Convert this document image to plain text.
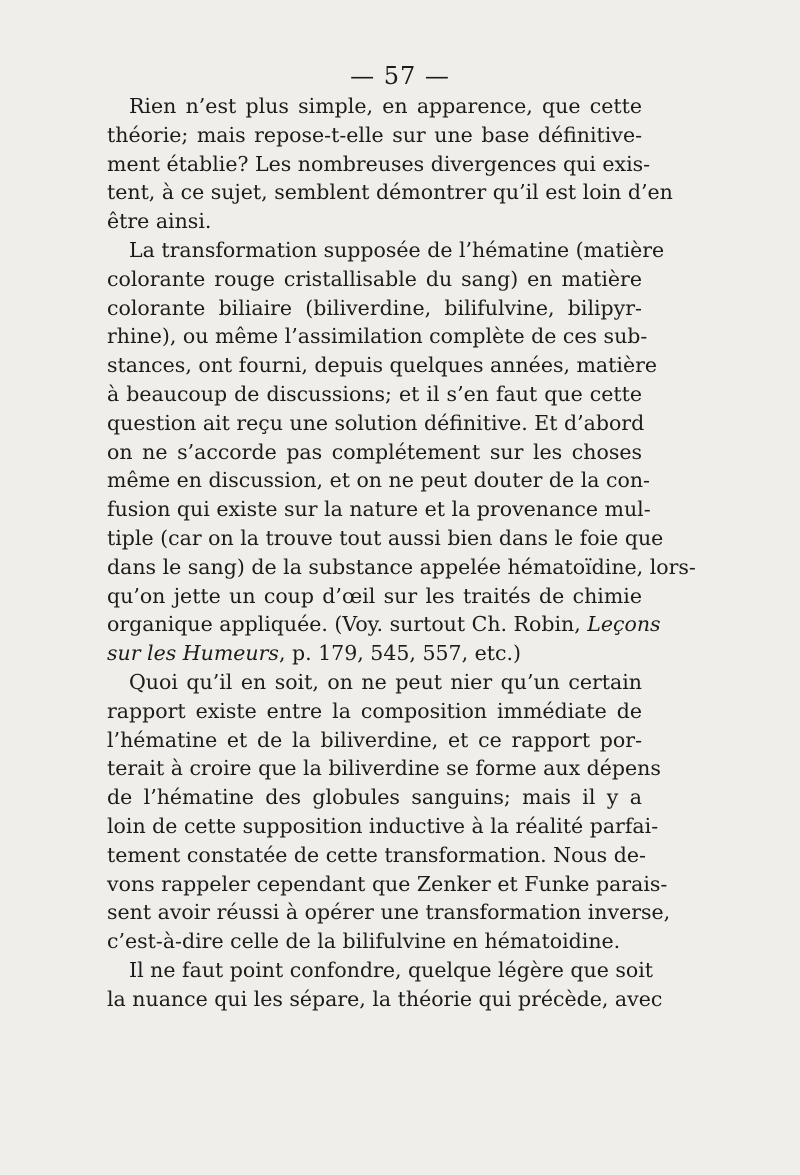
— 57 —
Rien n’est plus simple, en apparence, que cette
théorie; mais repose-t-elle sur une base définitive-
ment établie? Les nombreuses divergences qui exis-
tent, à ce sujet, semblent démontrer qu’il est loin d’en
être ainsi.
La transformation supposée de l’hématine (matière
colorante rouge cristallisable du sang) en matière
colorante biliaire (biliverdine, bilifulvine, bilipyr-
rhine), ou même l’assimilation complète de ces sub-
stances, ont fourni, depuis quelques années, matière
à beaucoup de discussions; et il s’en faut que cette
question ait reçu une solution définitive. Et d’abord
on ne s’accorde pas complétement sur les choses
même en discussion, et on ne peut douter de la con-
fusion qui existe sur la nature et la provenance mul-
tiple (car on la trouve tout aussi bien dans le foie que
dans le sang) de la substance appelée hématoïdine, lors-
qu’on jette un coup d’œil sur les traités de chimie
organique appliquée. (Voy. surtout Ch. Robin, Leçons
sur les Humeurs, p. 179, 545, 557, etc.)
Quoi qu’il en soit, on ne peut nier qu’un certain
rapport existe entre la composition immédiate de
l’hématine et de la biliverdine, et ce rapport por-
terait à croire que la biliverdine se forme aux dépens
de l’hématine des globules sanguins; mais il y a
loin de cette supposition inductive à la réalité parfai-
tement constatée de cette transformation. Nous de-
vons rappeler cependant que Zenker et Funke parais-
sent avoir réussi à opérer une transformation inverse,
c’est-à-dire celle de la bilifulvine en hématoidine.
Il ne faut point confondre, quelque légère que soit
la nuance qui les sépare, la théorie qui précède, avec
